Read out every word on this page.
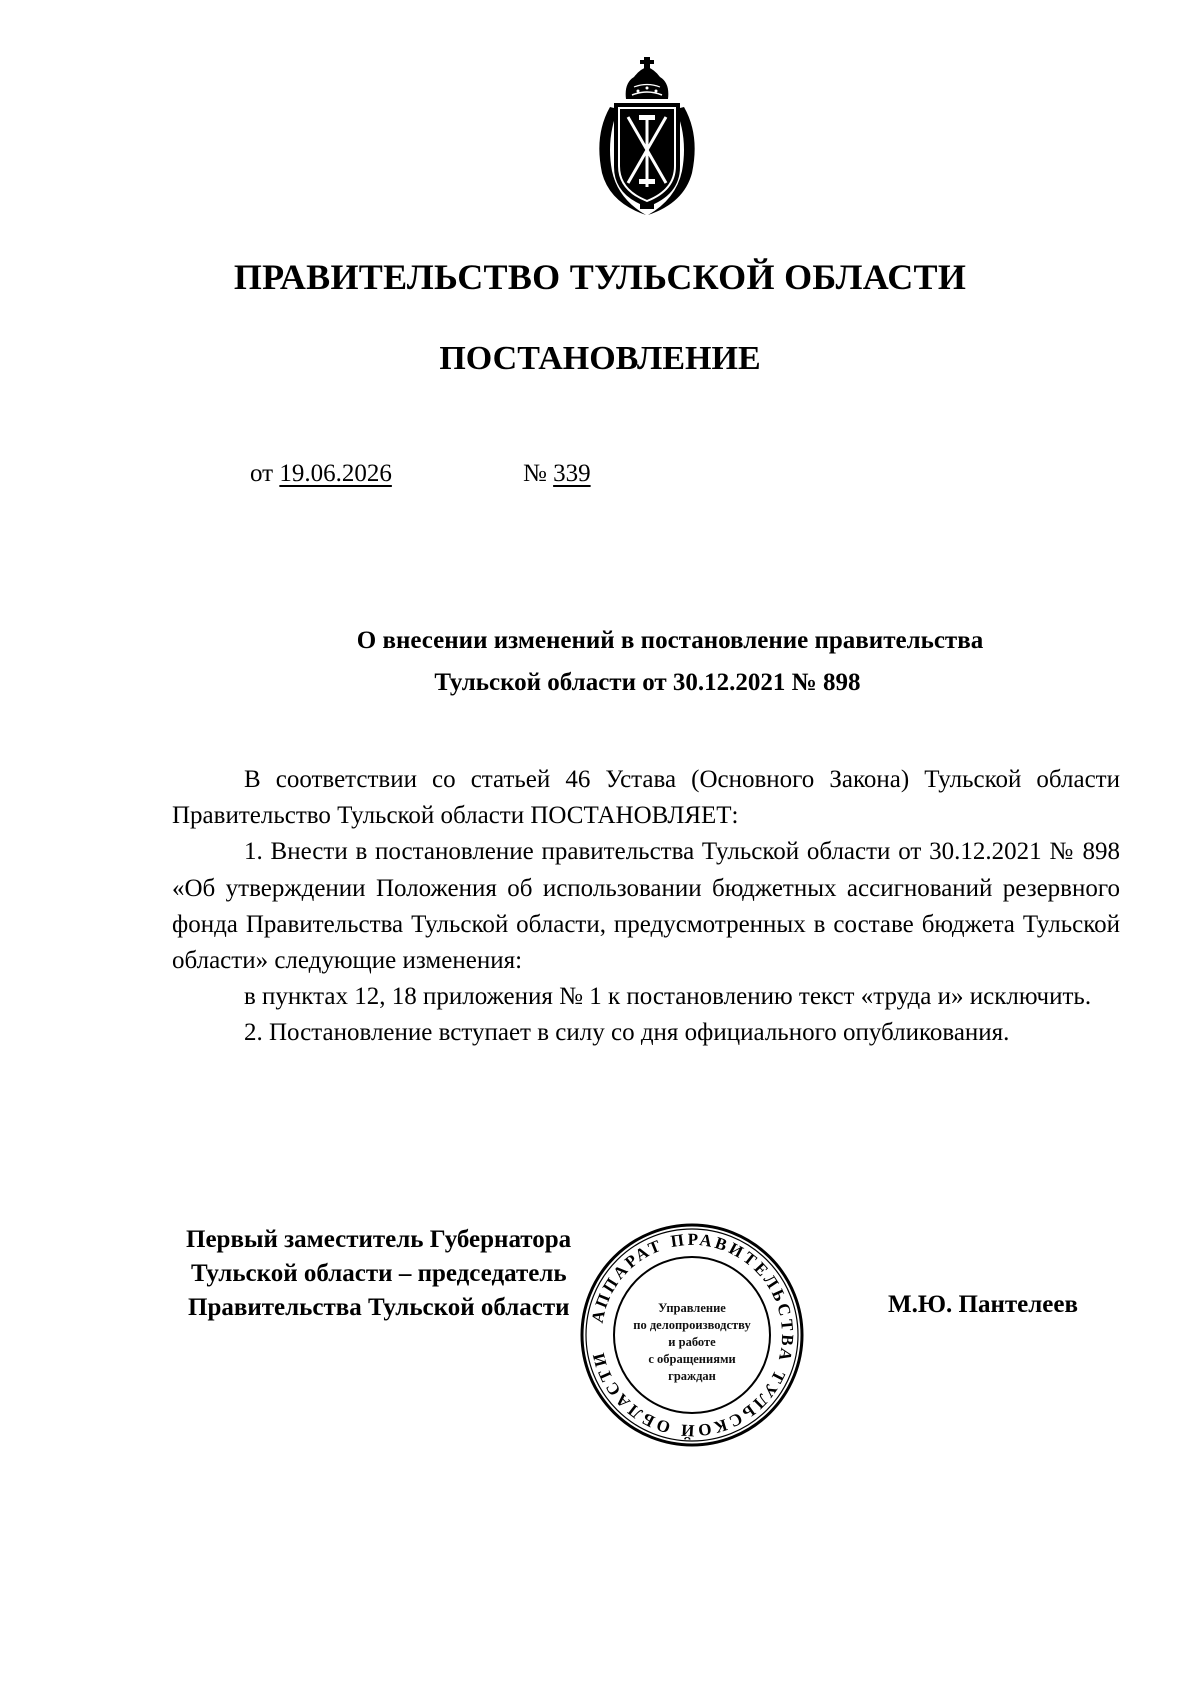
ПРАВИТЕЛЬСТВО ТУЛЬСКОЙ ОБЛАСТИ
ПОСТАНОВЛЕНИЕ
от 19.06.2026	№ 339
О внесении изменений в постановление правительства
Тульской области от 30.12.2021 № 898

В соответствии со статьей 46 Устава (Основного Закона) Тульской области Правительство Тульской области ПОСТАНОВЛЯЕТ:

1. Внести в постановление правительства Тульской области от 30.12.2021 № 898 «Об утверждении Положения об использовании бюджетных ассигнований резервного фонда Правительства Тульской области, предусмотренных в составе бюджета Тульской области» следующие изменения:

в пунктах 12, 18 приложения № 1 к постановлению текст «труда и» исключить.

2. Постановление вступает в силу со дня официального опубликования.

АППАРАТ ПРАВИТЕЛЬСТВА ТУЛЬСКОЙ ОБЛАСТИ
Управление
по делопроизводству
и работе
с обращениями
граждан
Первый заместитель Губернатора
Тульской области – председатель
Правительства Тульской области	М.Ю. Пантелеев
